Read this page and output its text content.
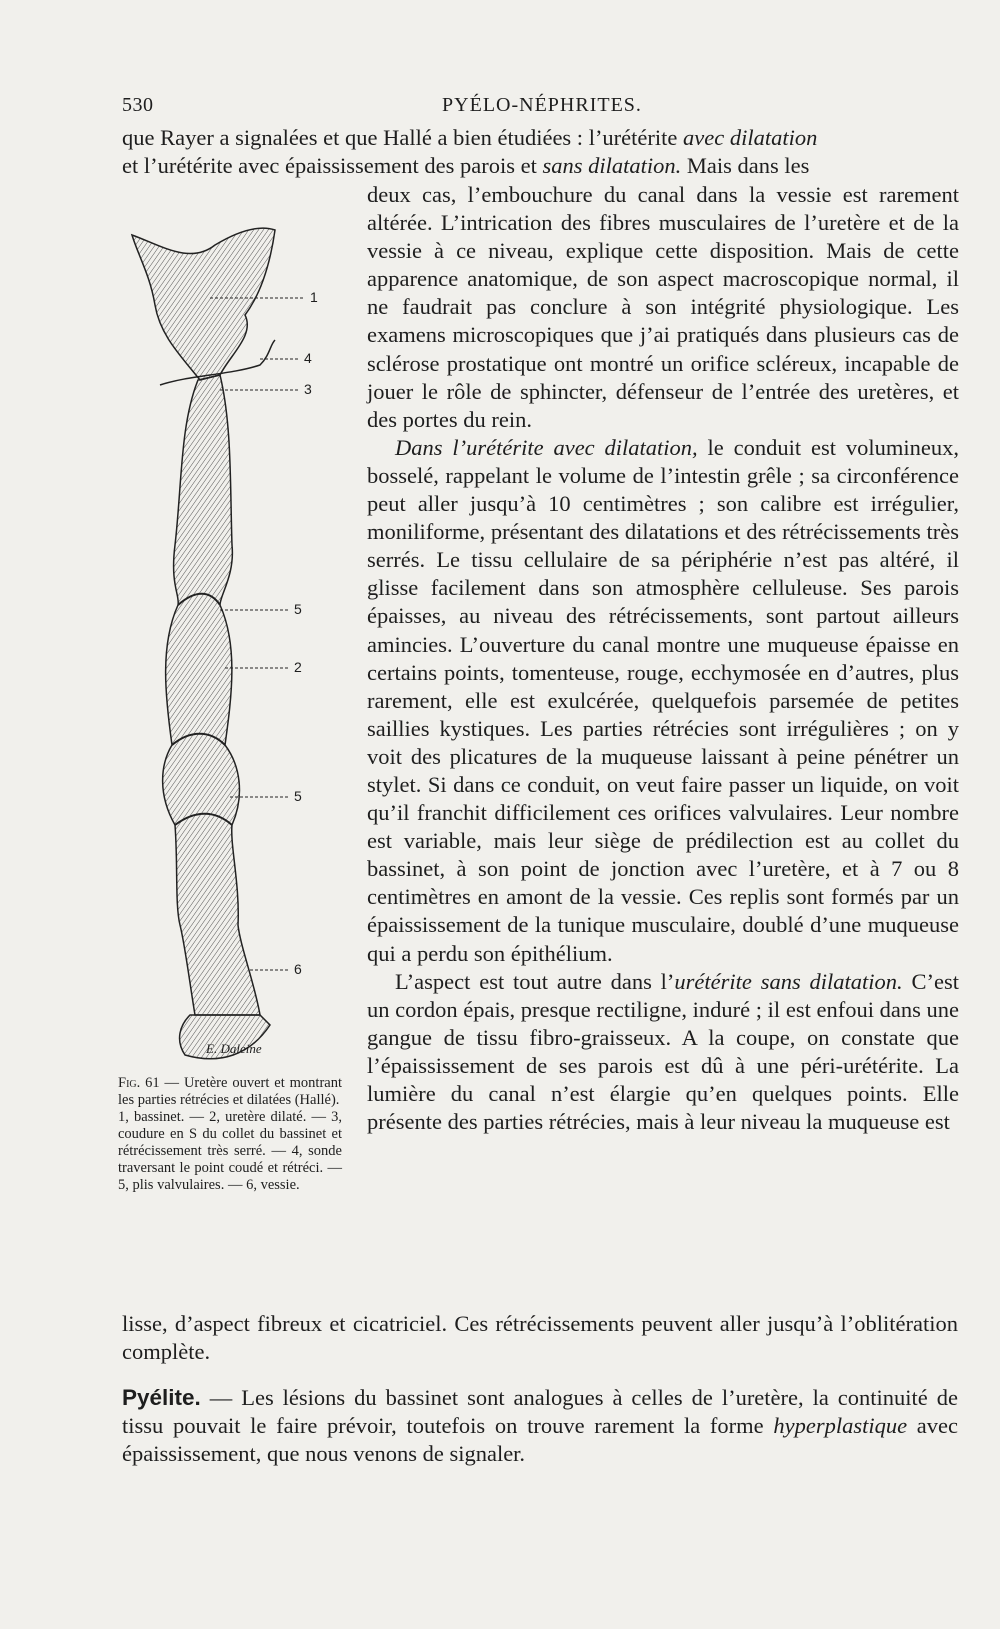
530	PYÉLO-NÉPHRITES.

que Rayer a signalées et que Hallé a bien étudiées : l’urétérite avec dilatation

et l’urétérite avec épaississement des parois et sans dilatation. Mais dans les

1
4
3
5
2
5
6
E. Daleine
Fig. 61 — Uretère ouvert et montrant les parties rétrécies et dilatées (Hallé).
1, bassinet. — 2, uretère dilaté. — 3, coudure en S du collet du bassinet et rétrécissement très serré. — 4, sonde traversant le point coudé et rétréci. — 5, plis valvulaires. — 6, vessie.

deux cas, l’embouchure du canal dans la vessie est rarement altérée. L’intrication des fibres musculaires de l’uretère et de la vessie à ce niveau, explique cette disposition. Mais de cette apparence anatomique, de son aspect macroscopique normal, il ne faudrait pas conclure à son intégrité physiologique. Les examens microscopiques que j’ai pratiqués dans plusieurs cas de sclérose prostatique ont montré un orifice scléreux, incapable de jouer le rôle de sphincter, défenseur de l’entrée des uretères, et des portes du rein.

Dans l’urétérite avec dilatation, le conduit est volumineux, bosselé, rappelant le volume de l’intestin grêle ; sa circonférence peut aller jusqu’à 10 centimètres ; son calibre est irrégulier, moniliforme, présentant des dilatations et des rétrécissements très serrés. Le tissu cellulaire de sa périphérie n’est pas altéré, il glisse facilement dans son atmosphère celluleuse. Ses parois épaisses, au niveau des rétrécissements, sont partout ailleurs amincies. L’ouverture du canal montre une muqueuse épaisse en certains points, tomenteuse, rouge, ecchymosée en d’autres, plus rarement, elle est exulcérée, quelquefois parsemée de petites saillies kystiques. Les parties rétrécies sont irrégulières ; on y voit des plicatures de la muqueuse laissant à peine pénétrer un stylet. Si dans ce conduit, on veut faire passer un liquide, on voit qu’il franchit difficilement ces orifices valvulaires. Leur nombre est variable, mais leur siège de prédilection est au collet du bassinet, à son point de jonction avec l’uretère, et à 7 ou 8 centimètres en amont de la vessie. Ces replis sont formés par un épaississement de la tunique musculaire, doublé d’une muqueuse qui a perdu son épithélium.

L’aspect est tout autre dans l’urétérite sans dilatation. C’est un cordon épais, presque rectiligne, induré ; il est enfoui dans une gangue de tissu fibro-graisseux. A la coupe, on constate que l’épaississement de ses parois est dû à une péri-urétérite. La lumière du canal n’est élargie qu’en quelques points. Elle présente des parties rétrécies, mais à leur niveau la muqueuse est

lisse, d’aspect fibreux et cicatriciel. Ces rétrécissements peuvent aller jusqu’à l’oblitération complète.

Pyélite. — Les lésions du bassinet sont analogues à celles de l’uretère, la continuité de tissu pouvait le faire prévoir, toutefois on trouve rarement la forme hyperplastique avec épaississement, que nous venons de signaler.
